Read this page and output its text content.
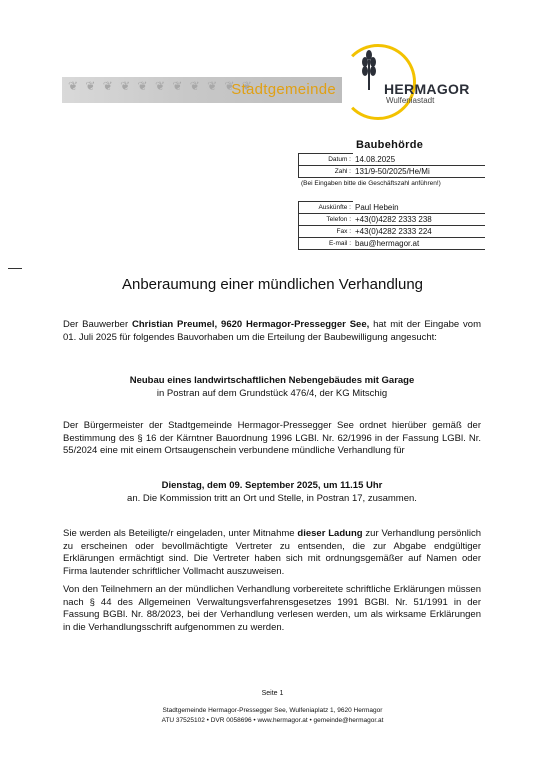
❦ ❦ ❦ ❦ ❦ ❦ ❦ ❦ ❦ ❦ ❦
Stadtgemeinde	HERMAGOR
Wulfeniastadt
Baubehörde
Datum :	14.08.2025
Zahl :	131/9-50/2025/He/Mi
(Bei Eingaben bitte die Geschäftszahl anführen!)
Auskünfte :	Paul Hebein
Telefon :	+43(0)4282 2333 238
Fax :	+43(0)4282 2333 224
E-mail :	bau@hermagor.at
Anberaumung einer mündlichen Verhandlung
Der Bauwerber Christian Preumel, 9620 Hermagor-Pressegger See, hat mit der Eingabe vom 01. Juli 2025 für folgendes Bauvorhaben um die Erteilung der Baubewilligung angesucht:
Neubau eines landwirtschaftlichen Nebengebäudes mit Garage
in Postran auf dem Grundstück 476/4, der KG Mitschig
Der Bürgermeister der Stadtgemeinde Hermagor-Pressegger See ordnet hierüber gemäß der Bestimmung des § 16 der Kärntner Bauordnung 1996 LGBl. Nr. 62/1996 in der Fassung LGBl. Nr. 55/2024 eine mit einem Ortsaugenschein verbundene mündliche Verhandlung für
Dienstag, dem 09. September 2025, um 11.15 Uhr
an. Die Kommission tritt an Ort und Stelle, in Postran 17, zusammen.
Sie werden als Beteiligte/r eingeladen, unter Mitnahme dieser Ladung zur Verhandlung persönlich zu erscheinen oder bevollmächtigte Vertreter zu entsenden, die zur Abgabe endgültiger Erklärungen ermächtigt sind. Die Vertreter haben sich mit ordnungsgemäßer auf Namen oder Firma lautender schriftlicher Vollmacht auszuweisen.
Von den Teilnehmern an der mündlichen Verhandlung vorbereitete schriftliche Erklärungen müssen nach § 44 des Allgemeinen Verwaltungsverfahrensgesetzes 1991 BGBl. Nr. 51/1991 in der Fassung BGBl. Nr. 88/2023, bei der Verhandlung verlesen werden, um als wirksame Erklärungen in die Verhandlungsschrift aufgenommen zu werden.
Seite 1
Stadtgemeinde Hermagor-Pressegger See, Wulfeniaplatz 1, 9620 Hermagor
ATU 37525102 • DVR 0058696 • www.hermagor.at • gemeinde@hermagor.at
